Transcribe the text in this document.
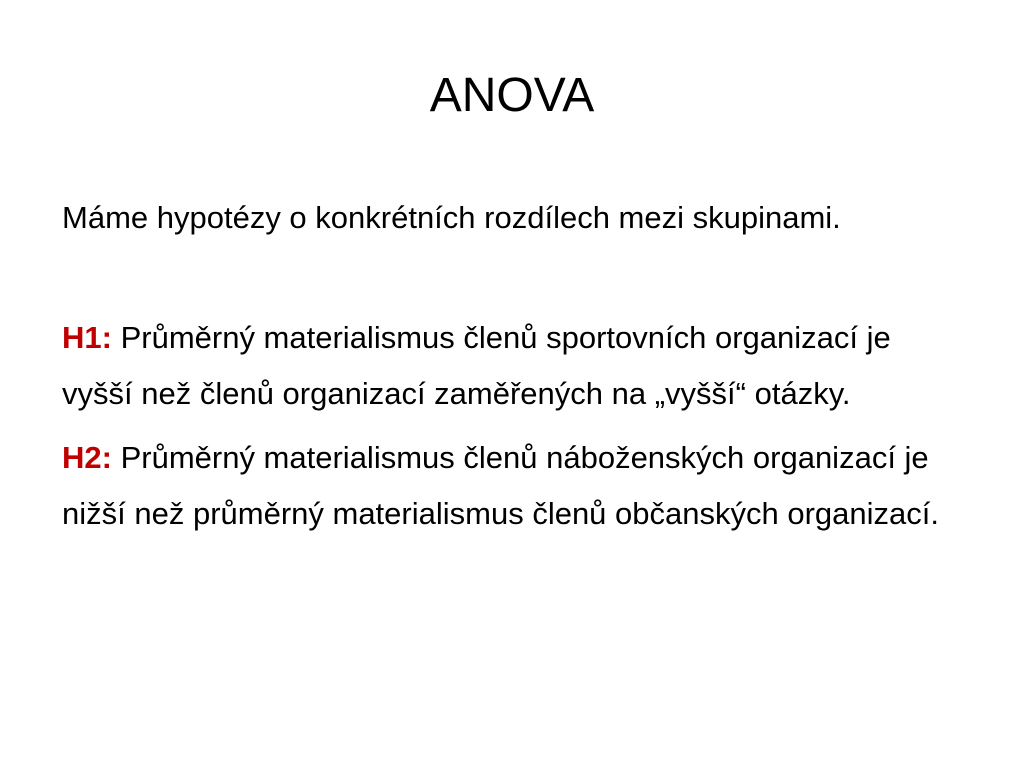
ANOVA

Máme hypotézy o konkrétních rozdílech mezi skupinami.

H1: Průměrný materialismus členů sportovních organizací je vyšší než členů organizací zaměřených na „vyšší“ otázky.

H2: Průměrný materialismus členů náboženských organizací je nižší než průměrný materialismus členů občanských organizací.
